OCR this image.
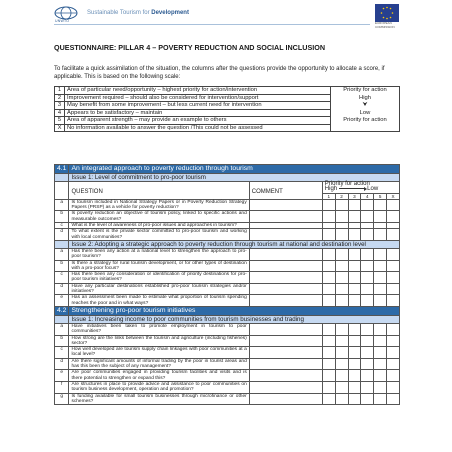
UNWTO
Sustainable Tourism for Development
EUROPEAN COMMISSION
QUESTIONNAIRE: PILLAR 4 – POVERTY REDUCTION AND SOCIAL INCLUSION
To facilitate a quick assimilation of the situation, the columns after the questions provide the opportunity to allocate a score, if applicable. This is based on the following scale:
1	Area of particular need/opportunity – highest priority for action/intervention	Priority for action
2	Improvement required – should also be considered for intervention/support	High
3	May benefit from some improvement – but less current need for intervention	⮟
4	Appears to be satisfactory – maintain	Low
5	Area of apparent strength – may provide an example to others	Priority for action
X	No information available to answer the question /This could not be assessed	
4.1	An integrated approach to poverty reduction through tourism							
	Issue 1: Level of commitment to pro-poor tourism							
	QUESTION	COMMENT	Priority for action
High Low					

			1	2	3	4	5	X
a	Is tourism included in National Strategy Papers or in Poverty Reduction Strategy Papers (PRSP) as a vehicle for poverty reduction?							
b	Is poverty reduction an objective of tourism policy, linked to specific actions and measurable outcomes?							
c	What is the level of awareness of pro-poor issues and approaches in tourism?							
d	To what extent is the private sector committed to pro-poor tourism and working with local communities?							
	Issue 2: Adopting a strategic approach to poverty reduction through tourism at national and destination level							
a	Has there been any action at a national level to strengthen the approach to pro-poor tourism?							
b	Is there a strategy for rural tourism development, or for other types of destination with a pro-poor focus?							
c	Has there been any consideration or identification of priority destinations for pro-poor tourism initiatives?							
d	Have any particular destinations established pro-poor tourism strategies and/or initiatives?							
e	Has an assessment been made to estimate what proportion of tourism spending reaches the poor and in what ways?							
4.2	Strengthening pro-poor tourism initiatives							
	Issue 1: Increasing income to poor communities from tourism businesses and trading							
a	Have initiatives been taken to promote employment in tourism to poor communities?							
b	How strong are the links between the tourism and agriculture (including fisheries) sector?							
c	How well developed are tourism supply chain linkages with poor communities at a local level?							
d	Are there significant amounts of informal trading by the poor in tourist areas and has this been the subject of any management?							
e	Are poor communities engaged in providing tourism facilities and visits and is there potential to strengthen or expand this?							
f	Are structures in place to provide advice and assistance to poor communities on tourism business development, operation and promotion?							
g	Is funding available for small tourism businesses through microfinance or other schemes?							
